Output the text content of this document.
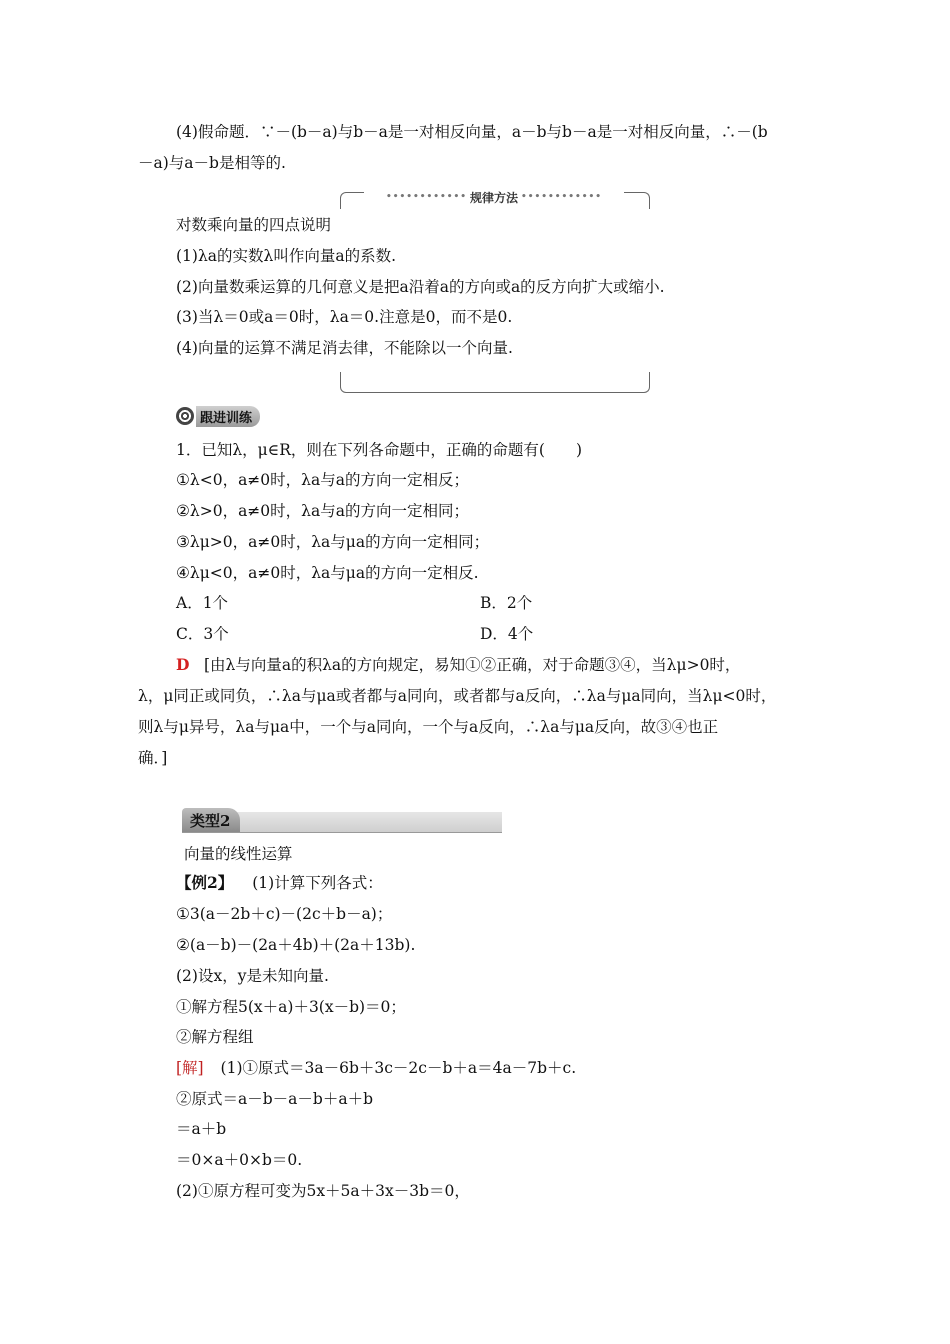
(4)假命题．∵－(b－a)与b－a是一对相反向量，a－b与b－a是一对相反向量，∴－(b
－a)与a－b是相等的.
•••••••••••• 规律方法 ••••••••••••
对数乘向量的四点说明
(1)λa的实数λ叫作向量a的系数.
(2)向量数乘运算的几何意义是把a沿着a的方向或a的反方向扩大或缩小.
(3)当λ＝0或a＝0时，λa＝0.注意是0，而不是0.
(4)向量的运算不满足消去律，不能除以一个向量.
跟进训练
1．已知λ，μ∈R，则在下列各命题中，正确的命题有(　　)
①λ<0，a≠0时，λa与a的方向一定相反；
②λ>0，a≠0时，λa与a的方向一定相同；
③λμ>0，a≠0时，λa与μa的方向一定相同；
④λμ<0，a≠0时，λa与μa的方向一定相反.
A．1个	B．2个
C．3个	D．4个
D [由λ与向量a的积λa的方向规定，易知①②正确，对于命题③④，当λμ>0时，
λ，μ同正或同负，∴λa与μa或者都与a同向，或者都与a反向，∴λa与μa同向，当λμ<0时，
则λ与μ异号，λa与μa中，一个与a同向，一个与a反向，∴λa与μa反向，故③④也正
确．]
类型2
向量的线性运算
【例2】 (1)计算下列各式：
①3(a－2b＋c)－(2c＋b－a)；
②(a－b)－(2a＋4b)＋(2a＋13b).
(2)设x，y是未知向量.
①解方程5(x＋a)＋3(x－b)＝0；
②解方程组
[解] (1)①原式＝3a－6b＋3c－2c－b＋a＝4a－7b＋c.
②原式＝a－b－a－b＋a＋b
＝a＋b
＝0×a＋0×b＝0.
(2)①原方程可变为5x＋5a＋3x－3b＝0，
